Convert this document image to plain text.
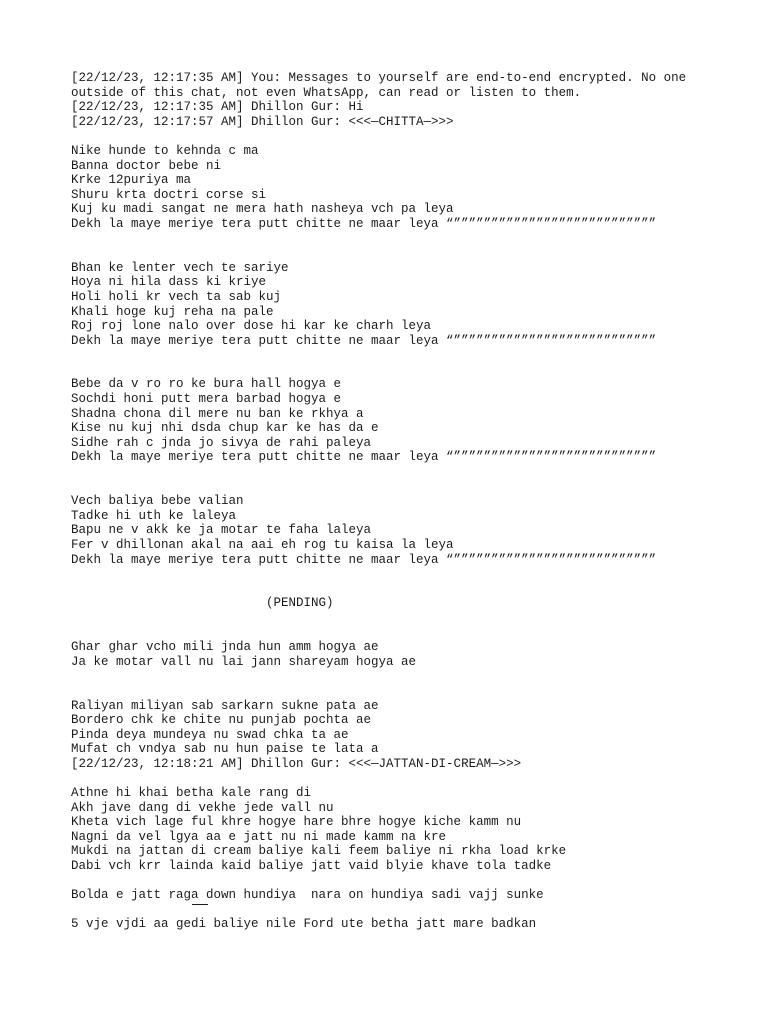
[22/12/23, 12:17:35 AM] You: Messages to yourself are end-to-end encrypted. No one
outside of this chat, not even WhatsApp, can read or listen to them.
[22/12/23, 12:17:35 AM] Dhillon Gur: Hi
[22/12/23, 12:17:57 AM] Dhillon Gur: <<<—CHITTA—>>>
Nike hunde to kehnda c ma
Banna doctor bebe ni
Krke 12puriya ma
Shuru krta doctri corse si
Kuj ku madi sangat ne mera hath nasheya vch pa leya
Dekh la maye meriye tera putt chitte ne maar leya “”””””””””””””””””””””””””””
Bhan ke lenter vech te sariye
Hoya ni hila dass ki kriye
Holi holi kr vech ta sab kuj
Khali hoge kuj reha na pale
Roj roj lone nalo over dose hi kar ke charh leya
Dekh la maye meriye tera putt chitte ne maar leya “”””””””””””””””””””””””””””
Bebe da v ro ro ke bura hall hogya e
Sochdi honi putt mera barbad hogya e
Shadna chona dil mere nu ban ke rkhya a
Kise nu kuj nhi dsda chup kar ke has da e
Sidhe rah c jnda jo sivya de rahi paleya
Dekh la maye meriye tera putt chitte ne maar leya “”””””””””””””””””””””””””””
Vech baliya bebe valian
Tadke hi uth ke laleya
Bapu ne v akk ke ja motar te faha laleya
Fer v dhillonan akal na aai eh rog tu kaisa la leya
Dekh la maye meriye tera putt chitte ne maar leya “”””””””””””””””””””””””””””
(PENDING)
Ghar ghar vcho mili jnda hun amm hogya ae
Ja ke motar vall nu lai jann shareyam hogya ae
Raliyan miliyan sab sarkarn sukne pata ae
Bordero chk ke chite nu punjab pochta ae
Pinda deya mundeya nu swad chka ta ae
Mufat ch vndya sab nu hun paise te lata a
[22/12/23, 12:18:21 AM] Dhillon Gur: <<<—JATTAN-DI-CREAM—>>>
Athne hi khai betha kale rang di
Akh jave dang di vekhe jede vall nu
Kheta vich lage ful khre hogye hare bhre hogye kiche kamm nu
Nagni da vel lgya aa e jatt nu ni made kamm na kre
Mukdi na jattan di cream baliye kali feem baliye ni rkha load krke
Dabi vch krr lainda kaid baliye jatt vaid blyie khave tola tadke
Bolda e jatt raga down hundiya  nara on hundiya sadi vajj sunke
5 vje vjdi aa gedi baliye nile Ford ute betha jatt mare badkan
